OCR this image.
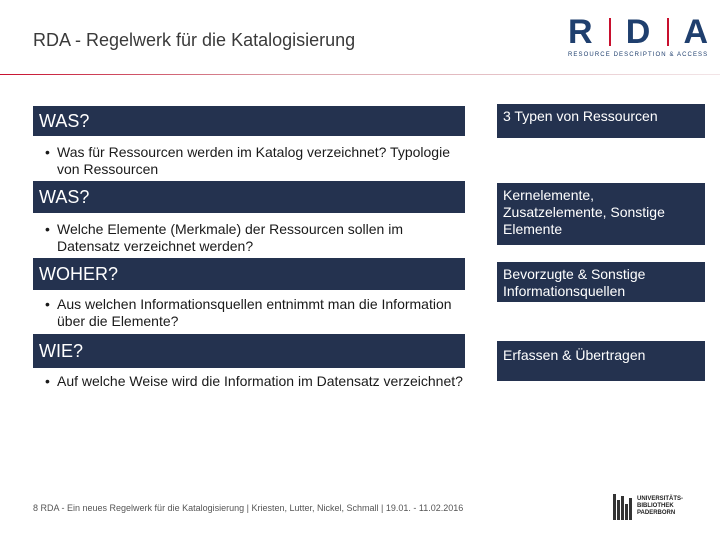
RDA - Regelwerk für die Katalogisierung	R D A
RESOURCE DESCRIPTION & ACCESS
WAS?
• Was für Ressourcen werden im Katalog verzeichnet? Typologie von Ressourcen
3 Typen von Ressourcen
WAS?
• Welche Elemente (Merkmale) der Ressourcen sollen im Datensatz verzeichnet werden?
Kernelemente, Zusatzelemente, Sonstige Elemente
WOHER?
• Aus welchen Informationsquellen entnimmt man die Information über die Elemente?
Bevorzugte & Sonstige Informationsquellen
WIE?
• Auf welche Weise wird die Information im Datensatz verzeichnet?
Erfassen & Übertragen
8 RDA - Ein neues Regelwerk für die Katalogisierung | Kriesten, Lutter, Nickel, Schmall | 19.01. - 11.02.2016
UNIVERSITÄTS-
BIBLIOTHEK
PADERBORN
